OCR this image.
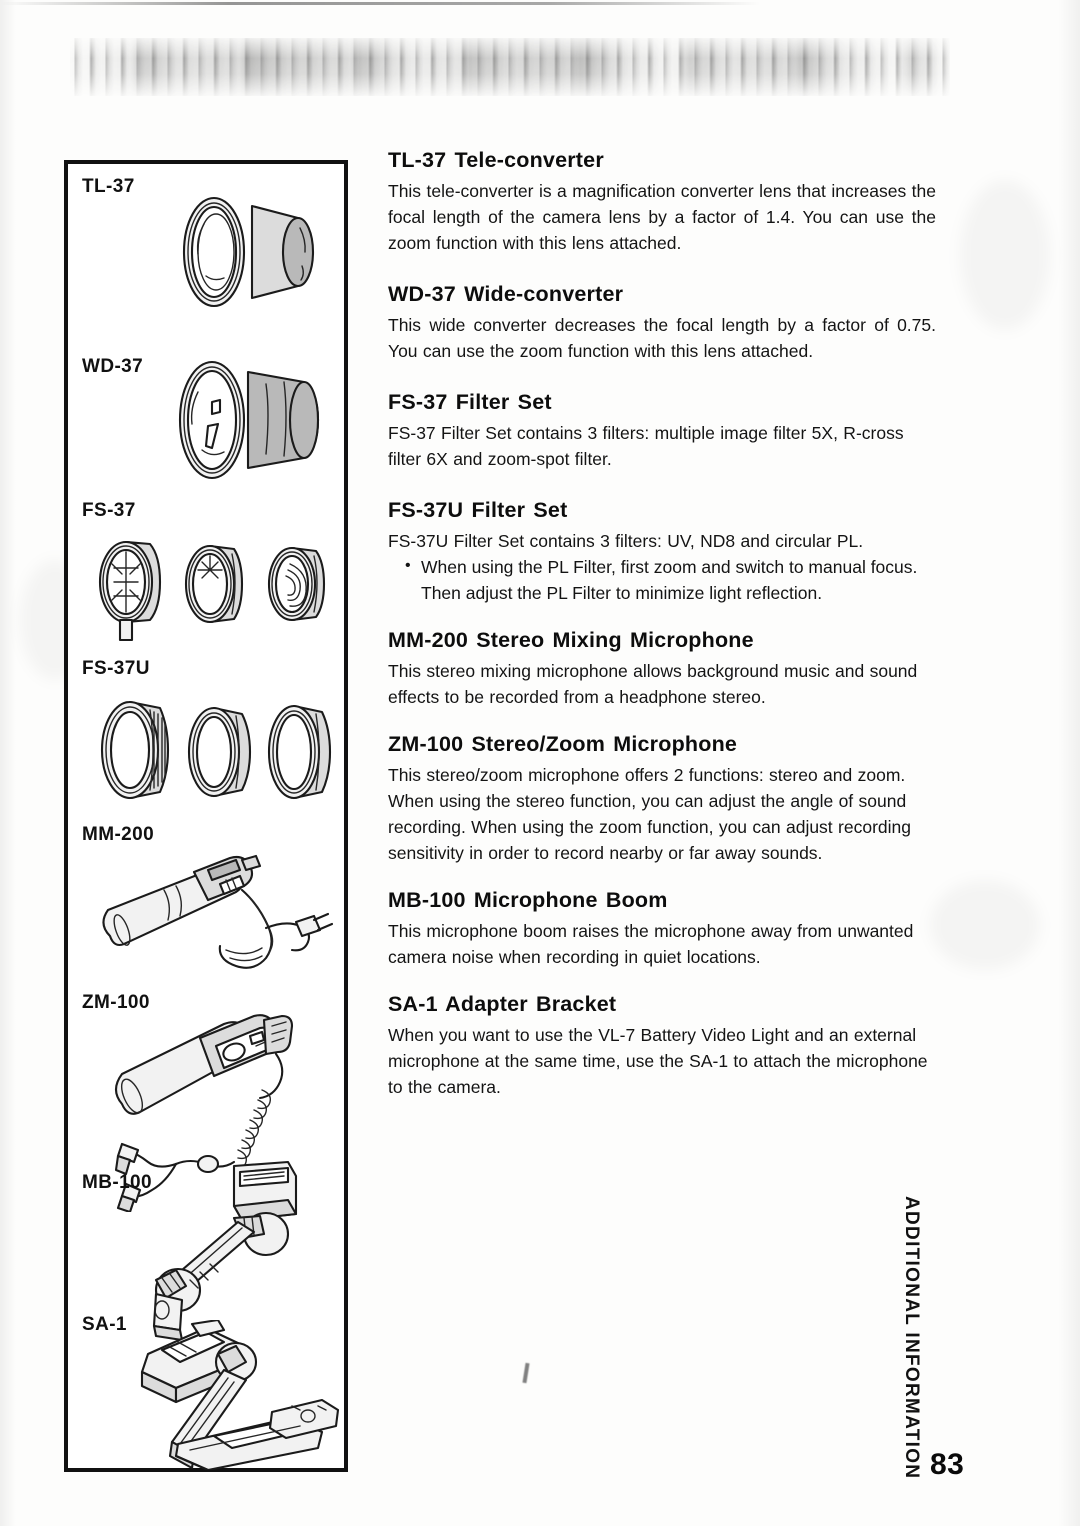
TL-37
WD-37
FS-37
FS-37U
MM-200
ZM-100
MB-100
SA-1
TL-37 Tele-converter

This tele-converter is a magnification converter lens that increases the focal length of the camera lens by a factor of 1.4. You can use the zoom function with this lens attached.

WD-37 Wide-converter

This wide converter decreases the focal length by a factor of 0.75. You can use the zoom function with this lens attached.

FS-37 Filter Set

FS-37 Filter Set contains 3 filters: multiple image filter 5X, R-cross filter 6X and zoom-spot filter.

FS-37U Filter Set

FS-37U Filter Set contains 3 filters: UV, ND8 and circular PL.

• When using the PL Filter, first zoom and switch to manual focus. Then adjust the PL Filter to minimize light reflection.
MM-200 Stereo Mixing Microphone

This stereo mixing microphone allows background music and sound effects to be recorded from a headphone stereo.

ZM-100 Stereo/Zoom Microphone

This stereo/zoom microphone offers 2 functions: stereo and zoom. When using the stereo function, you can adjust the angle of sound recording. When using the zoom function, you can adjust recording sensitivity in order to record nearby or far away sounds.

MB-100 Microphone Boom

This microphone boom raises the microphone away from unwanted camera noise when recording in quiet locations.

SA-1 Adapter Bracket

When you want to use the VL-7 Battery Video Light and an external microphone at the same time, use the SA-1 to attach the microphone to the camera.

ADDITIONAL INFORMATION 83
